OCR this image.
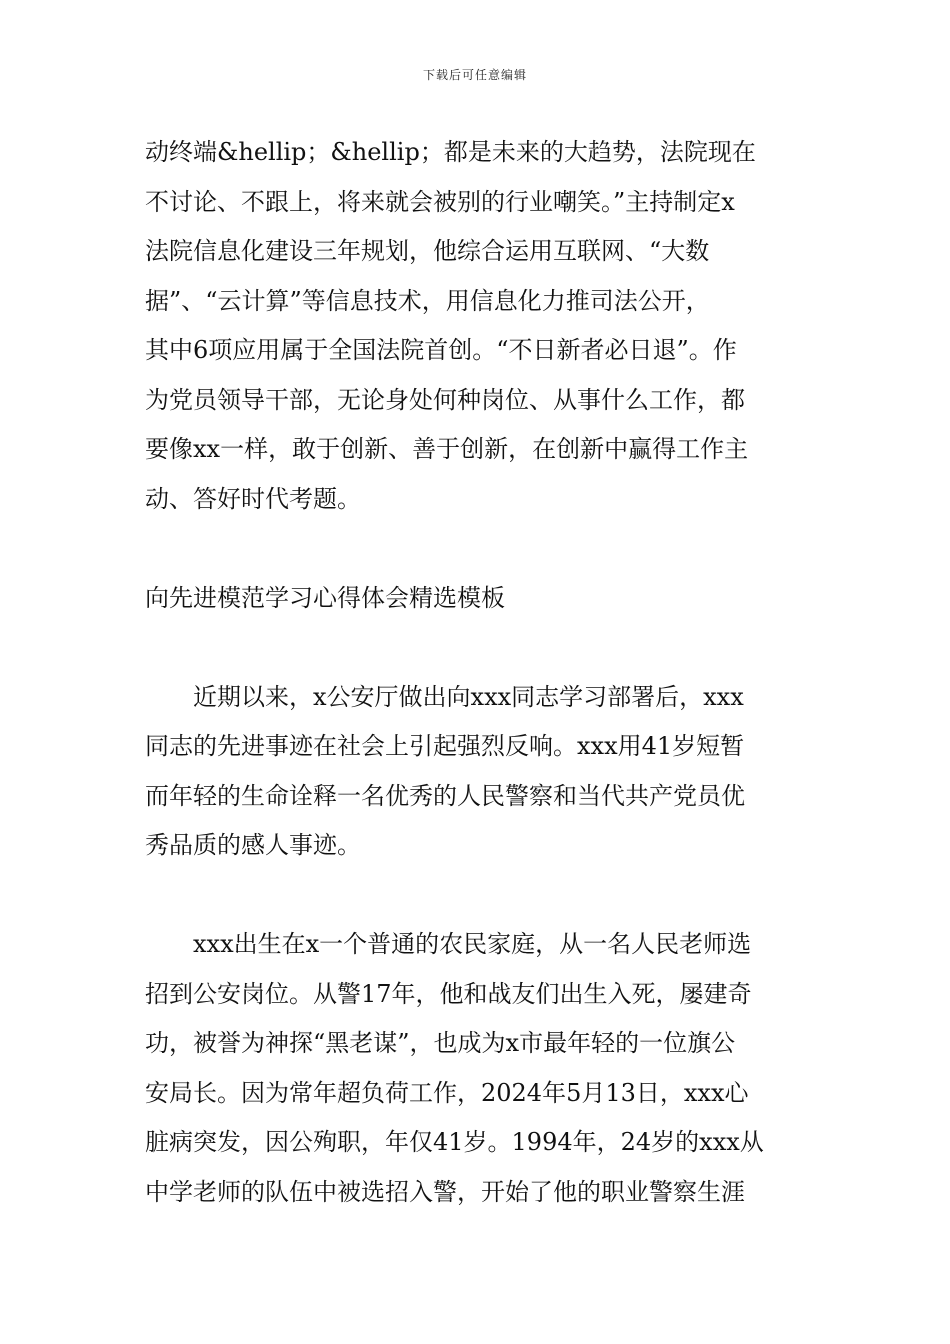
下载后可任意编辑
动终端&hellip；&hellip；都是未来的大趋势，法院现在
不讨论、不跟上，将来就会被别的行业嘲笑。”主持制定x
法院信息化建设三年规划，他综合运用互联网、“大数
据”、“云计算”等信息技术，用信息化力推司法公开，
其中6项应用属于全国法院首创。“不日新者必日退”。作
为党员领导干部，无论身处何种岗位、从事什么工作，都
要像xx一样，敢于创新、善于创新，在创新中赢得工作主
动、答好时代考题。
向先进模范学习心得体会精选模板
近期以来，x公安厅做出向xxx同志学习部署后，xxx
同志的先进事迹在社会上引起强烈反响。xxx用41岁短暂
而年轻的生命诠释一名优秀的人民警察和当代共产党员优
秀品质的感人事迹。
xxx出生在x一个普通的农民家庭，从一名人民老师选
招到公安岗位。从警17年，他和战友们出生入死，屡建奇
功，被誉为神探“黑老谋”，也成为x市最年轻的一位旗公
安局长。因为常年超负荷工作，2024年5月13日，xxx心
脏病突发，因公殉职，年仅41岁。1994年，24岁的xxx从
中学老师的队伍中被选招入警，开始了他的职业警察生涯
